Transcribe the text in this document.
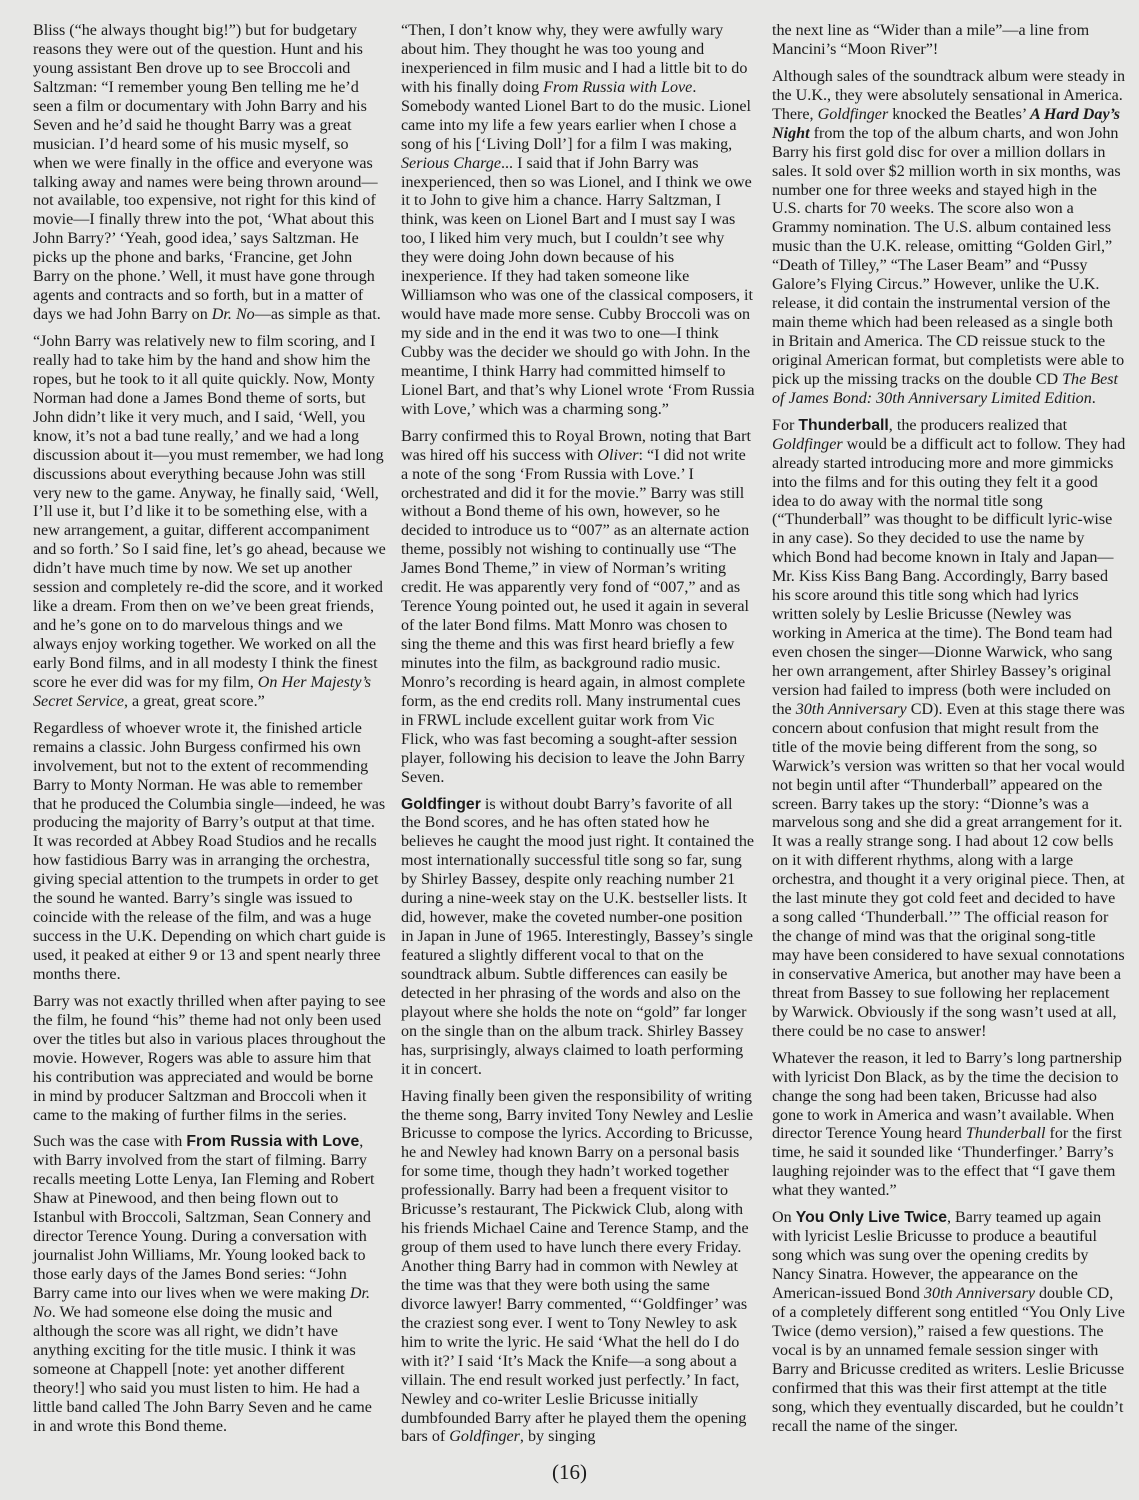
Bliss (“he always thought big!”) but for budgetary reasons they were out of the question. Hunt and his young assistant Ben drove up to see Broccoli and Saltzman: “I remember young Ben telling me he’d seen a film or documentary with John Barry and his Seven and he’d said he thought Barry was a great musician. I’d heard some of his music myself, so when we were finally in the office and everyone was talking away and names were being thrown around—not available, too expensive, not right for this kind of movie—I finally threw into the pot, ‘What about this John Barry?’ ‘Yeah, good idea,’ says Saltzman. He picks up the phone and barks, ‘Francine, get John Barry on the phone.’ Well, it must have gone through agents and contracts and so forth, but in a matter of days we had John Barry on Dr. No—as simple as that.

“John Barry was relatively new to film scoring, and I really had to take him by the hand and show him the ropes, but he took to it all quite quickly. Now, Monty Norman had done a James Bond theme of sorts, but John didn’t like it very much, and I said, ‘Well, you know, it’s not a bad tune really,’ and we had a long discussion about it—you must remember, we had long discussions about everything because John was still very new to the game. Anyway, he finally said, ‘Well, I’ll use it, but I’d like it to be something else, with a new arrangement, a guitar, different accompaniment and so forth.’ So I said fine, let’s go ahead, because we didn’t have much time by now. We set up another session and completely re-did the score, and it worked like a dream. From then on we’ve been great friends, and he’s gone on to do marvelous things and we always enjoy working together. We worked on all the early Bond films, and in all modesty I think the finest score he ever did was for my film, On Her Majesty’s Secret Service, a great, great score.”

Regardless of whoever wrote it, the finished article remains a classic. John Burgess confirmed his own involvement, but not to the extent of recommending Barry to Monty Norman. He was able to remember that he produced the Columbia single—indeed, he was producing the majority of Barry’s output at that time. It was recorded at Abbey Road Studios and he recalls how fastidious Barry was in arranging the orchestra, giving special attention to the trumpets in order to get the sound he wanted. Barry’s single was issued to coincide with the release of the film, and was a huge success in the U.K. Depending on which chart guide is used, it peaked at either 9 or 13 and spent nearly three months there.

Barry was not exactly thrilled when after paying to see the film, he found “his” theme had not only been used over the titles but also in various places throughout the movie. However, Rogers was able to assure him that his contribution was appreciated and would be borne in mind by producer Saltzman and Broccoli when it came to the making of further films in the series.

Such was the case with From Russia with Love, with Barry involved from the start of filming. Barry recalls meeting Lotte Lenya, Ian Fleming and Robert Shaw at Pinewood, and then being flown out to Istanbul with Broccoli, Saltzman, Sean Connery and director Terence Young. During a conversation with journalist John Williams, Mr. Young looked back to those early days of the James Bond series: “John Barry came into our lives when we were making Dr. No. We had someone else doing the music and although the score was all right, we didn’t have anything exciting for the title music. I think it was someone at Chappell [note: yet another different theory!] who said you must listen to him. He had a little band called The John Barry Seven and he came in and wrote this Bond theme.

“Then, I don’t know why, they were awfully wary about him. They thought he was too young and inexperienced in film music and I had a little bit to do with his finally doing From Russia with Love. Somebody wanted Lionel Bart to do the music. Lionel came into my life a few years earlier when I chose a song of his [‘Living Doll’] for a film I was making, Serious Charge... I said that if John Barry was inexperienced, then so was Lionel, and I think we owe it to John to give him a chance. Harry Saltzman, I think, was keen on Lionel Bart and I must say I was too, I liked him very much, but I couldn’t see why they were doing John down because of his inexperience. If they had taken someone like Williamson who was one of the classical composers, it would have made more sense. Cubby Broccoli was on my side and in the end it was two to one—I think Cubby was the decider we should go with John. In the meantime, I think Harry had committed himself to Lionel Bart, and that’s why Lionel wrote ‘From Russia with Love,’ which was a charming song.”

Barry confirmed this to Royal Brown, noting that Bart was hired off his success with Oliver: “I did not write a note of the song ‘From Russia with Love.’ I orchestrated and did it for the movie.” Barry was still without a Bond theme of his own, however, so he decided to introduce us to “007” as an alternate action theme, possibly not wishing to continually use “The James Bond Theme,” in view of Norman’s writing credit. He was apparently very fond of “007,” and as Terence Young pointed out, he used it again in several of the later Bond films. Matt Monro was chosen to sing the theme and this was first heard briefly a few minutes into the film, as background radio music. Monro’s recording is heard again, in almost complete form, as the end credits roll. Many instrumental cues in FRWL include excellent guitar work from Vic Flick, who was fast becoming a sought-after session player, following his decision to leave the John Barry Seven.

Goldfinger is without doubt Barry’s favorite of all the Bond scores, and he has often stated how he believes he caught the mood just right. It contained the most internationally successful title song so far, sung by Shirley Bassey, despite only reaching number 21 during a nine-week stay on the U.K. bestseller lists. It did, however, make the coveted number-one position in Japan in June of 1965. Interestingly, Bassey’s single featured a slightly different vocal to that on the soundtrack album. Subtle differences can easily be detected in her phrasing of the words and also on the playout where she holds the note on “gold” far longer on the single than on the album track. Shirley Bassey has, surprisingly, always claimed to loath performing it in concert.

Having finally been given the responsibility of writing the theme song, Barry invited Tony Newley and Leslie Bricusse to compose the lyrics. According to Bricusse, he and Newley had known Barry on a personal basis for some time, though they hadn’t worked together professionally. Barry had been a frequent visitor to Bricusse’s restaurant, The Pickwick Club, along with his friends Michael Caine and Terence Stamp, and the group of them used to have lunch there every Friday. Another thing Barry had in common with Newley at the time was that they were both using the same divorce lawyer! Barry commented, “‘Goldfinger’ was the craziest song ever. I went to Tony Newley to ask him to write the lyric. He said ‘What the hell do I do with it?’ I said ‘It’s Mack the Knife—a song about a villain. The end result worked just perfectly.’ In fact, Newley and co-writer Leslie Bricusse initially dumbfounded Barry after he played them the opening bars of Goldfinger, by singing

the next line as “Wider than a mile”—a line from Mancini’s “Moon River”!

Although sales of the soundtrack album were steady in the U.K., they were absolutely sensational in America. There, Goldfinger knocked the Beatles’ A Hard Day’s Night from the top of the album charts, and won John Barry his first gold disc for over a million dollars in sales. It sold over $2 million worth in six months, was number one for three weeks and stayed high in the U.S. charts for 70 weeks. The score also won a Grammy nomination. The U.S. album contained less music than the U.K. release, omitting “Golden Girl,” “Death of Tilley,” “The Laser Beam” and “Pussy Galore’s Flying Circus.” However, unlike the U.K. release, it did contain the instrumental version of the main theme which had been released as a single both in Britain and America. The CD reissue stuck to the original American format, but completists were able to pick up the missing tracks on the double CD The Best of James Bond: 30th Anniversary Limited Edition.

For Thunderball, the producers realized that Goldfinger would be a difficult act to follow. They had already started introducing more and more gimmicks into the films and for this outing they felt it a good idea to do away with the normal title song (“Thunderball” was thought to be difficult lyric-wise in any case). So they decided to use the name by which Bond had become known in Italy and Japan—Mr. Kiss Kiss Bang Bang. Accordingly, Barry based his score around this title song which had lyrics written solely by Leslie Bricusse (Newley was working in America at the time). The Bond team had even chosen the singer—Dionne Warwick, who sang her own arrangement, after Shirley Bassey’s original version had failed to impress (both were included on the 30th Anniversary CD). Even at this stage there was concern about confusion that might result from the title of the movie being different from the song, so Warwick’s version was written so that her vocal would not begin until after “Thunderball” appeared on the screen. Barry takes up the story: “Dionne’s was a marvelous song and she did a great arrangement for it. It was a really strange song. I had about 12 cow bells on it with different rhythms, along with a large orchestra, and thought it a very original piece. Then, at the last minute they got cold feet and decided to have a song called ‘Thunderball.’” The official reason for the change of mind was that the original song-title may have been considered to have sexual connotations in conservative America, but another may have been a threat from Bassey to sue following her replacement by Warwick. Obviously if the song wasn’t used at all, there could be no case to answer!

Whatever the reason, it led to Barry’s long partnership with lyricist Don Black, as by the time the decision to change the song had been taken, Bricusse had also gone to work in America and wasn’t available. When director Terence Young heard Thunderball for the first time, he said it sounded like ‘Thunderfinger.’ Barry’s laughing rejoinder was to the effect that “I gave them what they wanted.”

On You Only Live Twice, Barry teamed up again with lyricist Leslie Bricusse to produce a beautiful song which was sung over the opening credits by Nancy Sinatra. However, the appearance on the American-issued Bond 30th Anniversary double CD, of a completely different song entitled “You Only Live Twice (demo version),” raised a few questions. The vocal is by an unnamed female session singer with Barry and Bricusse credited as writers. Leslie Bricusse confirmed that this was their first attempt at the title song, which they eventually discarded, but he couldn’t recall the name of the singer.

(16)
